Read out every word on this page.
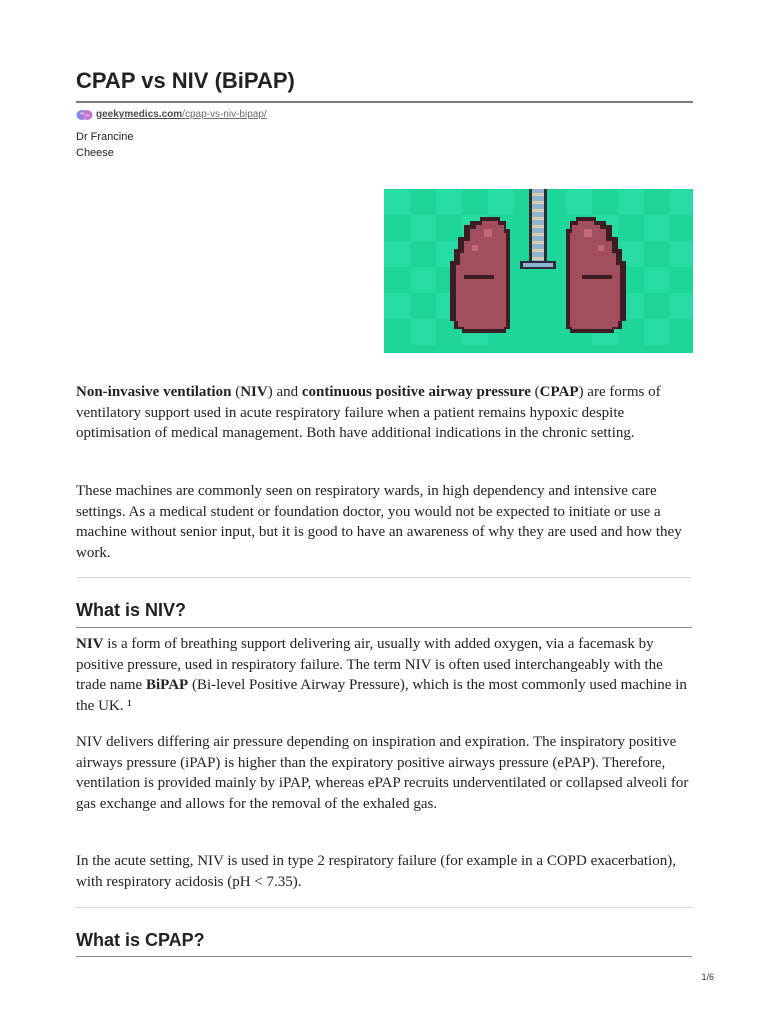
CPAP vs NIV (BiPAP)
geekymedics.com /cpap-vs-niv-bipap/
Dr Francine
Cheese

Non-invasive ventilation (NIV) and continuous positive airway pressure (CPAP) are forms of ventilatory support used in acute respiratory failure when a patient remains hypoxic despite optimisation of medical management. Both have additional indications in the chronic setting.

These machines are commonly seen on respiratory wards, in high dependency and intensive care settings. As a medical student or foundation doctor, you would not be expected to initiate or use a machine without senior input, but it is good to have an awareness of why they are used and how they work.

What is NIV?

NIV is a form of breathing support delivering air, usually with added oxygen, via a facemask by positive pressure, used in respiratory failure. The term NIV is often used interchangeably with the trade name BiPAP (Bi-level Positive Airway Pressure), which is the most commonly used machine in the UK. ¹

NIV delivers differing air pressure depending on inspiration and expiration. The inspiratory positive airways pressure (iPAP) is higher than the expiratory positive airways pressure (ePAP). Therefore, ventilation is provided mainly by iPAP, whereas ePAP recruits underventilated or collapsed alveoli for gas exchange and allows for the removal of the exhaled gas.

In the acute setting, NIV is used in type 2 respiratory failure (for example in a COPD exacerbation), with respiratory acidosis (pH < 7.35).

What is CPAP?
1/6
